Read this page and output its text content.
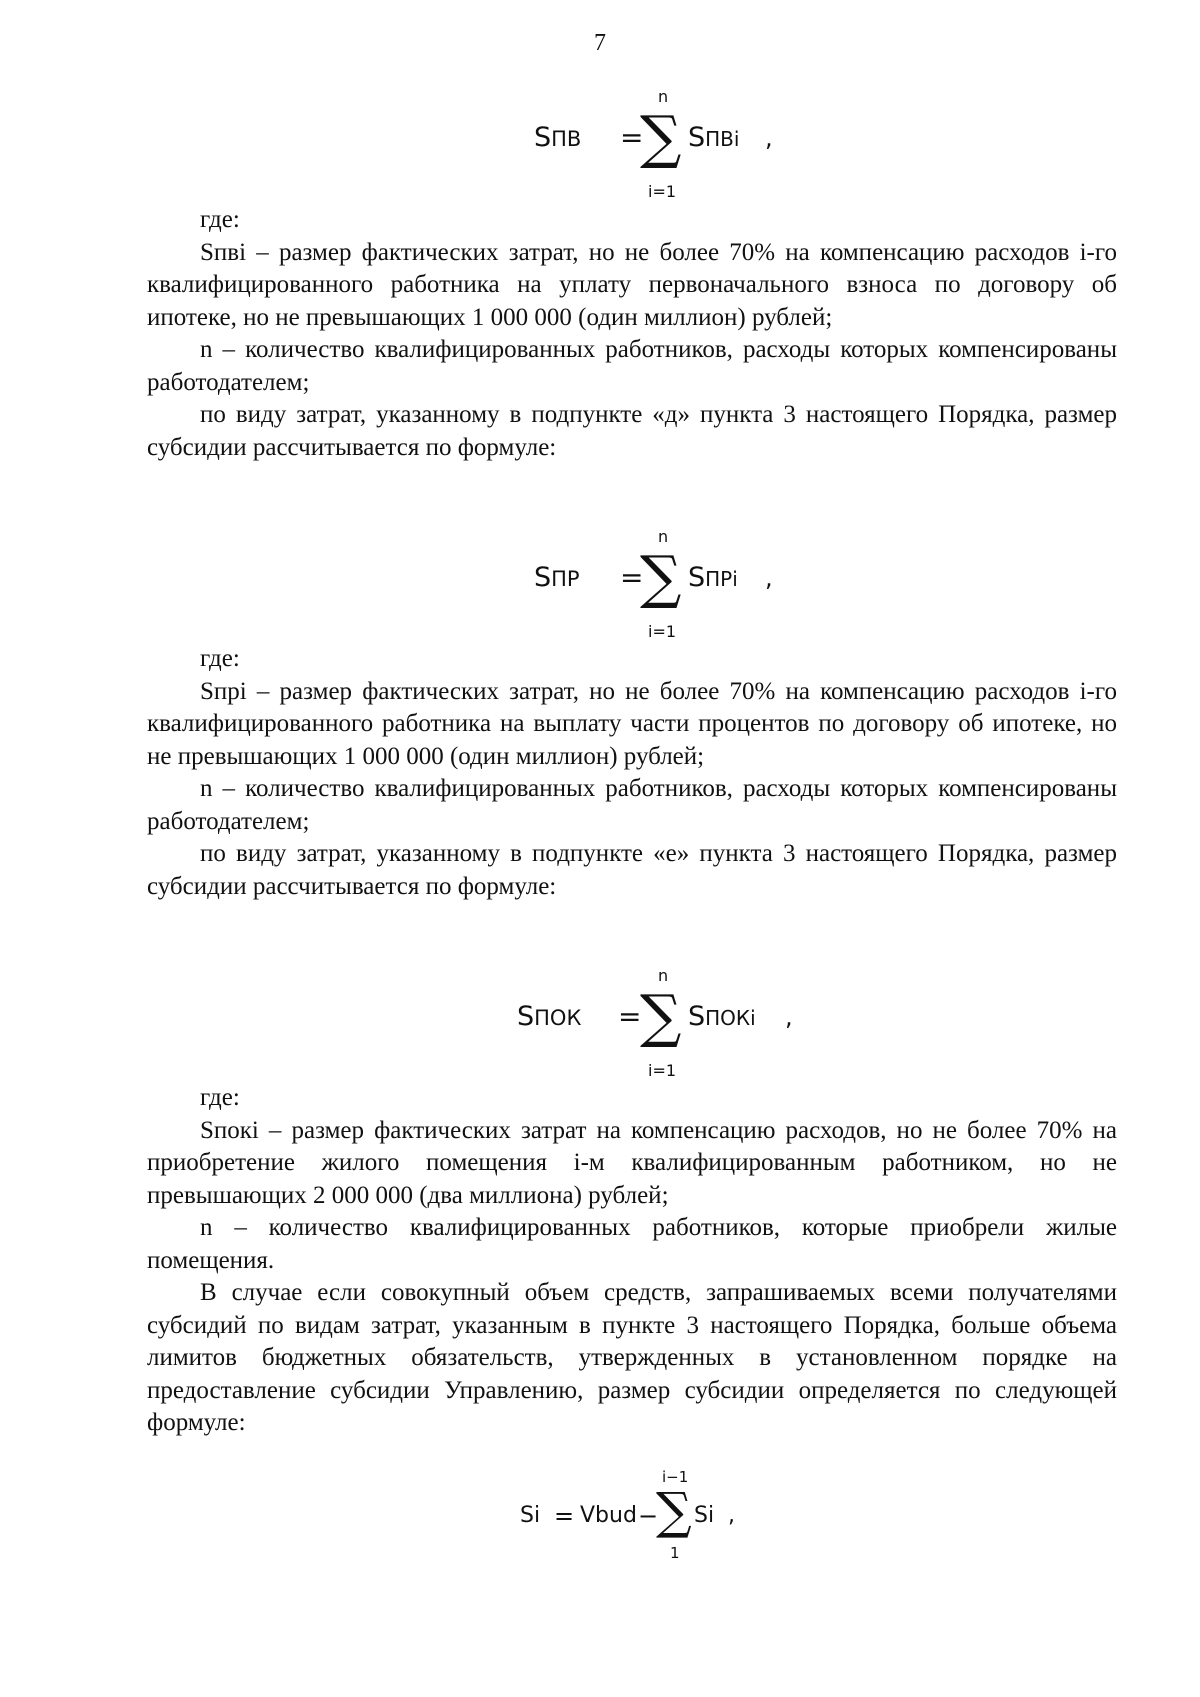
7
SПВ =
n
∑
i=1
SПВi ,

где:

Sпвi – размер фактических затрат, но не более 70% на компенсацию расходов i-го квалифицированного работника на уплату первоначального взноса по договору об ипотеке, но не превышающих 1 000 000 (один миллион) рублей;

n – количество квалифицированных работников, расходы которых компенсированы работодателем;

по виду затрат, указанному в подпункте «д» пункта 3 настоящего Порядка, размер субсидии рассчитывается по формуле:

SПР =
n
∑
i=1
SПРi ,

где:

Sпрi – размер фактических затрат, но не более 70% на компенсацию расходов i-го квалифицированного работника на выплату части процентов по договору об ипотеке, но не превышающих 1 000 000 (один миллион) рублей;

n – количество квалифицированных работников, расходы которых компенсированы работодателем;

по виду затрат, указанному в подпункте «е» пункта 3 настоящего Порядка, размер субсидии рассчитывается по формуле:

SПОК =
n
∑
i=1
SПОКi ,

где:

Sпокi – размер фактических затрат на компенсацию расходов, но не более 70% на приобретение жилого помещения i-м квалифицированным работником, но не превышающих 2 000 000 (два миллиона) рублей;

n – количество квалифицированных работников, которые приобрели жилые помещения.

В случае если совокупный объем средств, запрашиваемых всеми получателями субсидий по видам затрат, указанным в пункте 3 настоящего Порядка, больше объема лимитов бюджетных обязательств, утвержденных в установленном порядке на предоставление субсидии Управлению, размер субсидии определяется по следующей формуле:

Si = Vbud −
i−1
∑
1
Si ,
